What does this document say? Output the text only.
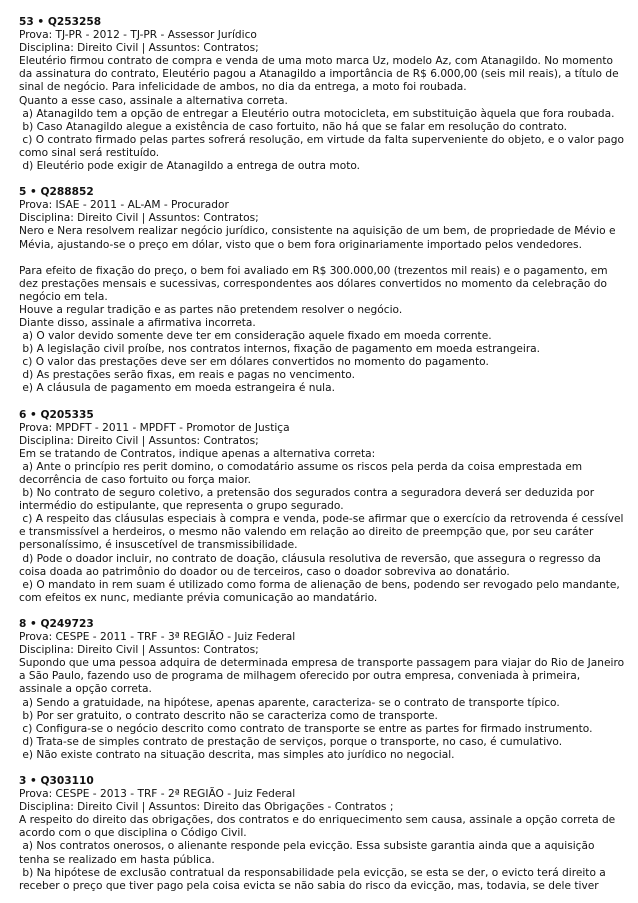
53 • Q253258

Prova: TJ-PR - 2012 - TJ-PR - Assessor Jurídico

Disciplina: Direito Civil | Assuntos: Contratos;

Eleutério firmou contrato de compra e venda de uma moto marca Uz, modelo Az, com Atanagildo. No momento da assinatura do contrato, Eleutério pagou a Atanagildo a importância de R$ 6.000,00 (seis mil reais), a título de sinal de negócio. Para infelicidade de ambos, no dia da entrega, a moto foi roubada.

Quanto a esse caso, assinale a alternativa correta.

a) Atanagildo tem a opção de entregar a Eleutério outra motocicleta, em substituição àquela que fora roubada.

b) Caso Atanagildo alegue a existência de caso fortuito, não há que se falar em resolução do contrato.

c) O contrato firmado pelas partes sofrerá resolução, em virtude da falta superveniente do objeto, e o valor pago como sinal será restituído.

d) Eleutério pode exigir de Atanagildo a entrega de outra moto.

5 • Q288852

Prova: ISAE - 2011 - AL-AM - Procurador

Disciplina: Direito Civil | Assuntos: Contratos;

Nero e Nera resolvem realizar negócio jurídico, consistente na aquisição de um bem, de propriedade de Mévio e Mévia, ajustando-se o preço em dólar, visto que o bem fora originariamente importado pelos vendedores.

Para efeito de fixação do preço, o bem foi avaliado em R$ 300.000,00 (trezentos mil reais) e o pagamento, em dez prestações mensais e sucessivas, correspondentes aos dólares convertidos no momento da celebração do negócio em tela.

Houve a regular tradição e as partes não pretendem resolver o negócio.

Diante disso, assinale a afirmativa incorreta.

a) O valor devido somente deve ter em consideração aquele fixado em moeda corrente.

b) A legislação civil proíbe, nos contratos internos, fixação de pagamento em moeda estrangeira.

c) O valor das prestações deve ser em dólares convertidos no momento do pagamento.

d) As prestações serão fixas, em reais e pagas no vencimento.

e) A cláusula de pagamento em moeda estrangeira é nula.

6 • Q205335

Prova: MPDFT - 2011 - MPDFT - Promotor de Justiça

Disciplina: Direito Civil | Assuntos: Contratos;

Em se tratando de Contratos, indique apenas a alternativa correta:

a) Ante o princípio res perit domino, o comodatário assume os riscos pela perda da coisa emprestada em decorrência de caso fortuito ou força maior.

b) No contrato de seguro coletivo, a pretensão dos segurados contra a seguradora deverá ser deduzida por intermédio do estipulante, que representa o grupo segurado.

c) A respeito das cláusulas especiais à compra e venda, pode-se afirmar que o exercício da retrovenda é cessível e transmissível a herdeiros, o mesmo não valendo em relação ao direito de preempção que, por seu caráter personalíssimo, é insuscetível de transmissibilidade.

d) Pode o doador incluir, no contrato de doação, cláusula resolutiva de reversão, que assegura o regresso da coisa doada ao patrimônio do doador ou de terceiros, caso o doador sobreviva ao donatário.

e) O mandato in rem suam é utilizado como forma de alienação de bens, podendo ser revogado pelo mandante, com efeitos ex nunc, mediante prévia comunicação ao mandatário.

8 • Q249723

Prova: CESPE - 2011 - TRF - 3ª REGIÃO - Juiz Federal

Disciplina: Direito Civil | Assuntos: Contratos;

Supondo que uma pessoa adquira de determinada empresa de transporte passagem para viajar do Rio de Janeiro a São Paulo, fazendo uso de programa de milhagem oferecido por outra empresa, conveniada à primeira, assinale a opção correta.

a) Sendo a gratuidade, na hipótese, apenas aparente, caracteriza- se o contrato de transporte típico.

b) Por ser gratuito, o contrato descrito não se caracteriza como de transporte.

c) Configura-se o negócio descrito como contrato de transporte se entre as partes for firmado instrumento.

d) Trata-se de simples contrato de prestação de serviços, porque o transporte, no caso, é cumulativo.

e) Não existe contrato na situação descrita, mas simples ato jurídico no negocial.

3 • Q303110

Prova: CESPE - 2013 - TRF - 2ª REGIÃO - Juiz Federal

Disciplina: Direito Civil | Assuntos: Direito das Obrigações - Contratos ;

A respeito do direito das obrigações, dos contratos e do enriquecimento sem causa, assinale a opção correta de acordo com o que disciplina o Código Civil.

a) Nos contratos onerosos, o alienante responde pela evicção. Essa subsiste garantia ainda que a aquisição tenha se realizado em hasta pública.

b) Na hipótese de exclusão contratual da responsabilidade pela evicção, se esta se der, o evicto terá direito a receber o preço que tiver pago pela coisa evicta se não sabia do risco da evicção, mas, todavia, se dele tiver
